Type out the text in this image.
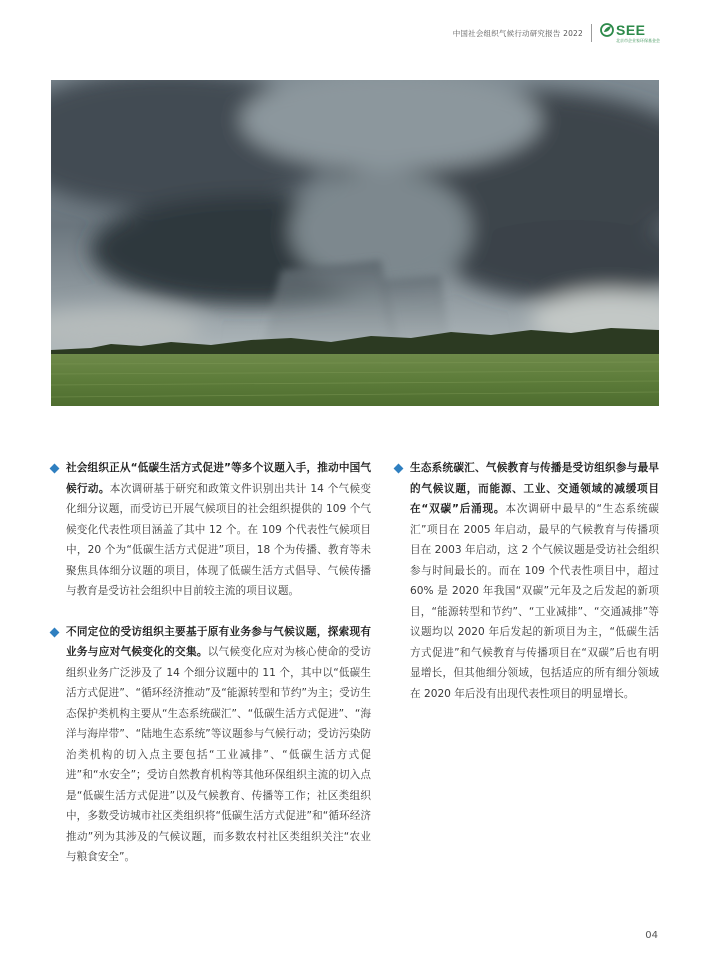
中国社会组织气候行动研究报告 2022 SEE
北京市企业家环保基金会

社会组织正从“低碳生活方式促进”等多个议题入手，推动中国气候行动。本次调研基于研究和政策文件识别出共计 14 个气候变化细分议题，而受访已开展气候项目的社会组织提供的 109 个气候变化代表性项目涵盖了其中 12 个。在 109 个代表性气候项目中，20 个为“低碳生活方式促进”项目，18 个为传播、教育等未聚焦具体细分议题的项目，体现了低碳生活方式倡导、气候传播与教育是受访社会组织中目前较主流的项目议题。

不同定位的受访组织主要基于原有业务参与气候议题，探索现有业务与应对气候变化的交集。以气候变化应对为核心使命的受访组织业务广泛涉及了 14 个细分议题中的 11 个，其中以“低碳生活方式促进”、“循环经济推动”及“能源转型和节约”为主；受访生态保护类机构主要从“生态系统碳汇”、“低碳生活方式促进”、“海洋与海岸带”、“陆地生态系统”等议题参与气候行动；受访污染防治类机构的切入点主要包括“工业减排”、“低碳生活方式促进”和“水安全”；受访自然教育机构等其他环保组织主流的切入点是“低碳生活方式促进”以及气候教育、传播等工作；社区类组织中，多数受访城市社区类组织将“低碳生活方式促进”和“循环经济推动”列为其涉及的气候议题，而多数农村社区类组织关注“农业与粮食安全”。

生态系统碳汇、气候教育与传播是受访组织参与最早的气候议题，而能源、工业、交通领域的减缓项目在“双碳”后涌现。本次调研中最早的“生态系统碳汇”项目在 2005 年启动，最早的气候教育与传播项目在 2003 年启动，这 2 个气候议题是受访社会组织参与时间最长的。而在 109 个代表性项目中，超过 60% 是 2020 年我国“双碳”元年及之后发起的新项目，“能源转型和节约”、“工业减排”、“交通减排”等议题均以 2020 年后发起的新项目为主，“低碳生活方式促进”和气候教育与传播项目在“双碳”后也有明显增长，但其他细分领域，包括适应的所有细分领域在 2020 年后没有出现代表性项目的明显增长。

04
